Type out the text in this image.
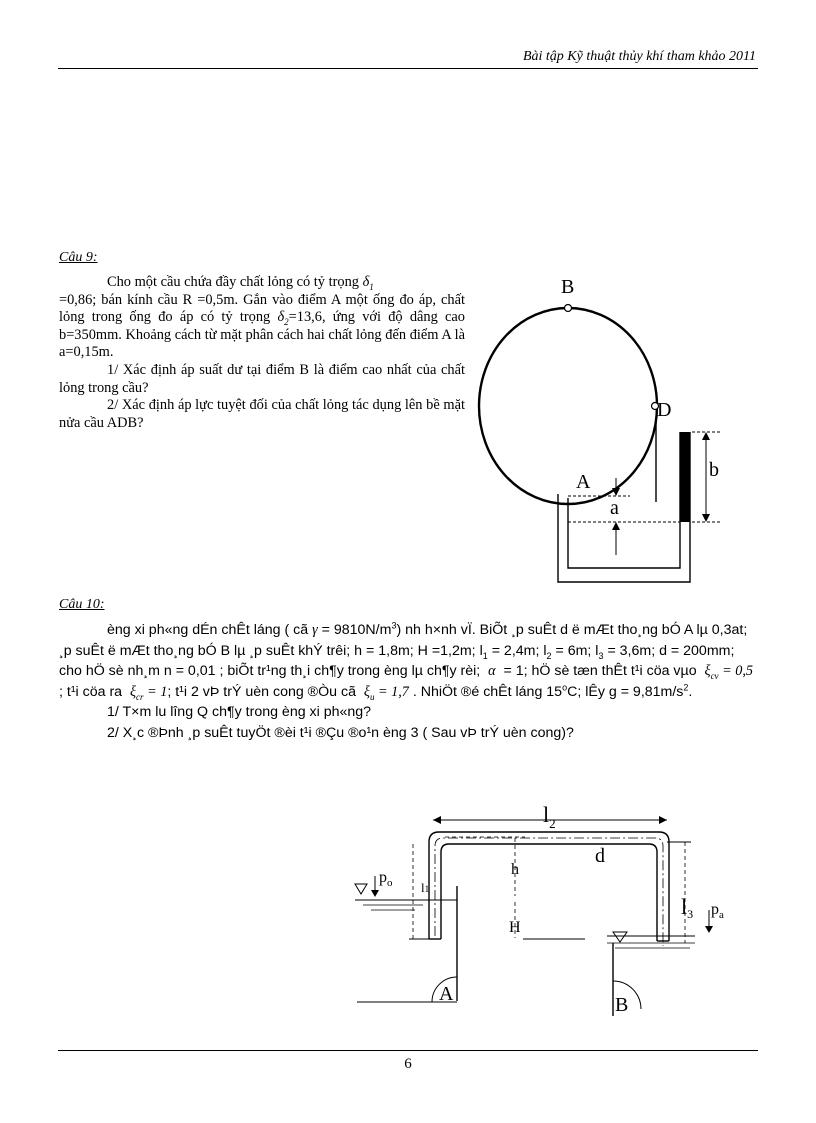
Bài tập Kỹ thuật thủy khí tham khảo 2011
Câu 9:

Cho một cầu chứa đầy chất lỏng có tỷ trọng $\delta_1$
=0,86; bán kính cầu R =0,5m. Gắn vào điểm A một ống đo áp, chất lỏng trong ống đo áp có tỷ trọng $\delta_2=13,6$, ứng với độ dâng cao b=350mm. Khoảng cách từ mặt phân cách hai chất lỏng đến điểm A là a=0,15m.

1/ Xác định áp suất dư tại điểm B là điểm cao nhất của chất lỏng trong cầu?

2/ Xác định áp lực tuyệt đối của chất lỏng tác dụng lên bề mặt nửa cầu ADB?

B
D
A
b
a
Câu 10:

èng xi ph«ng dÉn chÊt láng ( cã $\gamma = 9810N/m^3$) nh h×nh vÏ. BiÕt ¸p suÊt d ë mÆt tho¸ng bÓ A lµ 0,3at; ¸p suÊt ë mÆt tho¸ng bÓ B lµ ¸p suÊt khÝ trêi; h = 1,8m; H =1,2m; $l_1 = 2,4m$; $l_2 = 6m$; $l_3 = 3,6m$; d = 200mm; cho hÖ sè nh¸m n = 0,01 ; biÕt tr¹ng th¸i ch¶y trong èng lµ ch¶y rèi; α = 1; hÖ sè tæn thÊt t¹i cöa vµo $\xi_{cv} = 0,5$ ; t¹i cöa ra $\xi_{cr} = 1$; t¹i 2 vÞ trÝ uèn cong ®Òu cã $\xi_u = 1,7$ . NhiÖt ®é chÊt láng 15$^o$C; lÊy $g = 9,81m/s^2$.

1/ T×m lu lîng Q ch¶y trong èng xi ph«ng?

2/ X¸c ®Þnh ¸p suÊt tuyÖt ®èi t¹i ®Çu ®o¹n èng 3 ( Sau vÞ trÝ uèn cong)?

$l_2$
d
h
H
A
l1
$p_o$
B
l3 $p_a$
6
